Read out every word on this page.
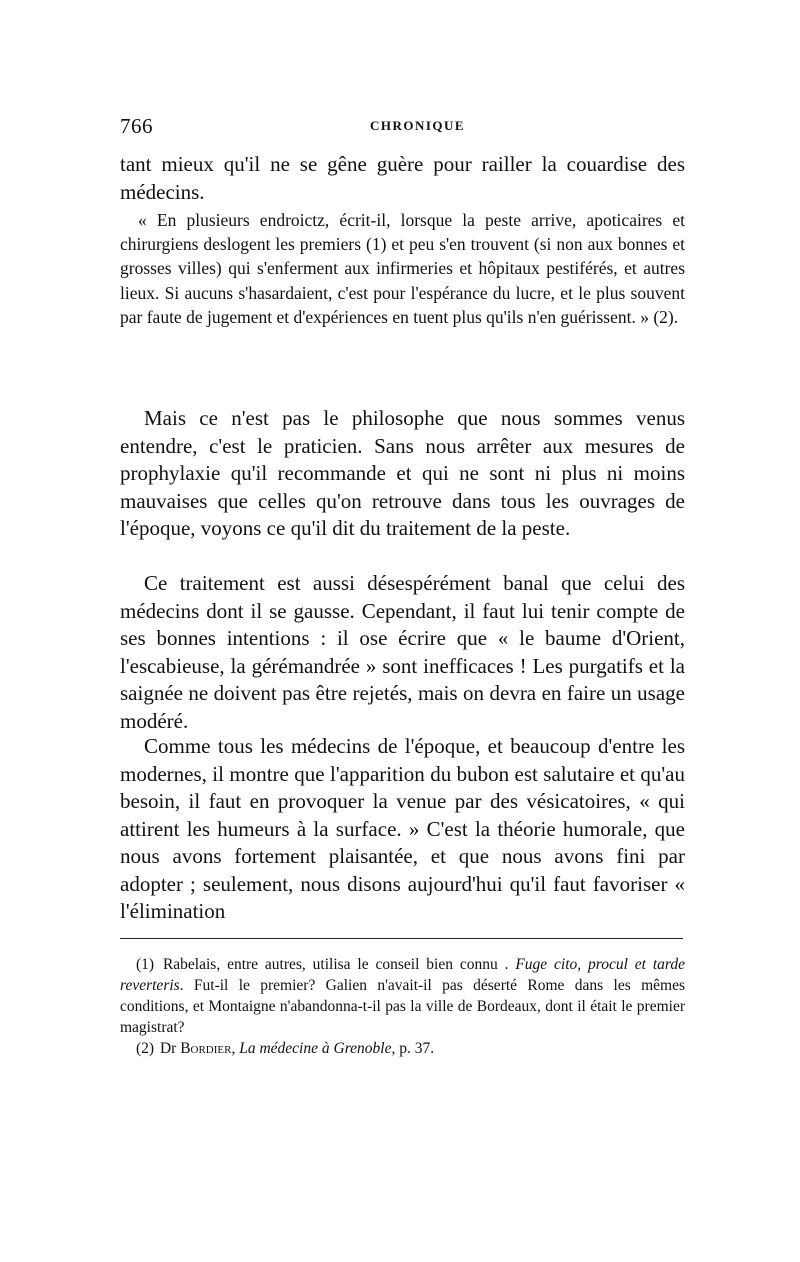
766	CHRONIQUE

tant mieux qu'il ne se gêne guère pour railler la couardise des médecins.

« En plusieurs endroictz, écrit-il, lorsque la peste arrive, apoticaires et chirurgiens deslogent les premiers (1) et peu s'en trouvent (si non aux bonnes et grosses villes) qui s'enferment aux infirmeries et hôpitaux pestiférés, et autres lieux. Si aucuns s'hasardaient, c'est pour l'espérance du lucre, et le plus souvent par faute de jugement et d'expériences en tuent plus qu'ils n'en guérissent. » (2).

Mais ce n'est pas le philosophe que nous sommes venus entendre, c'est le praticien. Sans nous arrêter aux mesures de prophylaxie qu'il recommande et qui ne sont ni plus ni moins mauvaises que celles qu'on retrouve dans tous les ouvrages de l'époque, voyons ce qu'il dit du traitement de la peste.

Ce traitement est aussi désespérément banal que celui des médecins dont il se gausse. Cependant, il faut lui tenir compte de ses bonnes intentions : il ose écrire que « le baume d'Orient, l'escabieuse, la gérémandrée » sont inefficaces ! Les purgatifs et la saignée ne doivent pas être rejetés, mais on devra en faire un usage modéré.

Comme tous les médecins de l'époque, et beaucoup d'entre les modernes, il montre que l'apparition du bubon est salutaire et qu'au besoin, il faut en provoquer la venue par des vésicatoires, « qui attirent les humeurs à la surface. » C'est la théorie humorale, que nous avons fortement plaisantée, et que nous avons fini par adopter ; seulement, nous disons aujourd'hui qu'il faut favoriser « l'élimination

(1) Rabelais, entre autres, utilisa le conseil bien connu . Fuge cito, procul et tarde reverteris. Fut-il le premier? Galien n'avait-il pas déserté Rome dans les mêmes conditions, et Montaigne n'abandonna-t-il pas la ville de Bordeaux, dont il était le premier magistrat?

(2) Dr Bordier, La médecine à Grenoble, p. 37.
